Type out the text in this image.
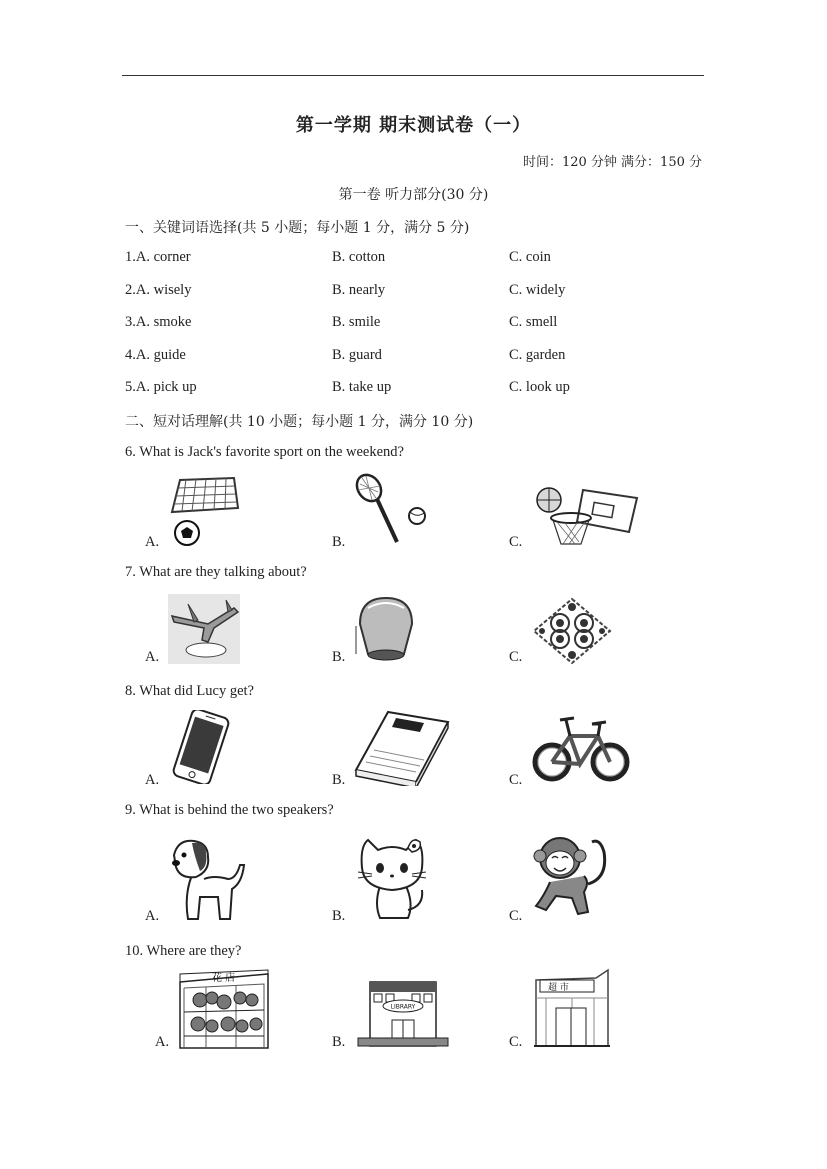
第一学期 期末测试卷（一）
时间：120 分钟 满分：150 分
第一卷 听力部分(30 分)
一、关键词语选择(共 5 小题；每小题 1 分，满分 5 分)
1.A. corner	B. cotton	C. coin
2.A. wisely	B. nearly	C. widely
3.A. smoke	B. smile	C. smell
4.A. guide	B. guard	C. garden
5.A. pick up	B. take up	C. look up
二、短对话理解(共 10 小题；每小题 1 分，满分 10 分)
6. What is Jack's favorite sport on the weekend?
A.	B.	C.
7. What are they talking about?
A.	B.	C.
8. What did Lucy get?
A.	B.	C.
9. What is behind the two speakers?
A.	B.	C.
10. Where are they?
A.
花 店
B.
LIBRARY
C.
超 市
